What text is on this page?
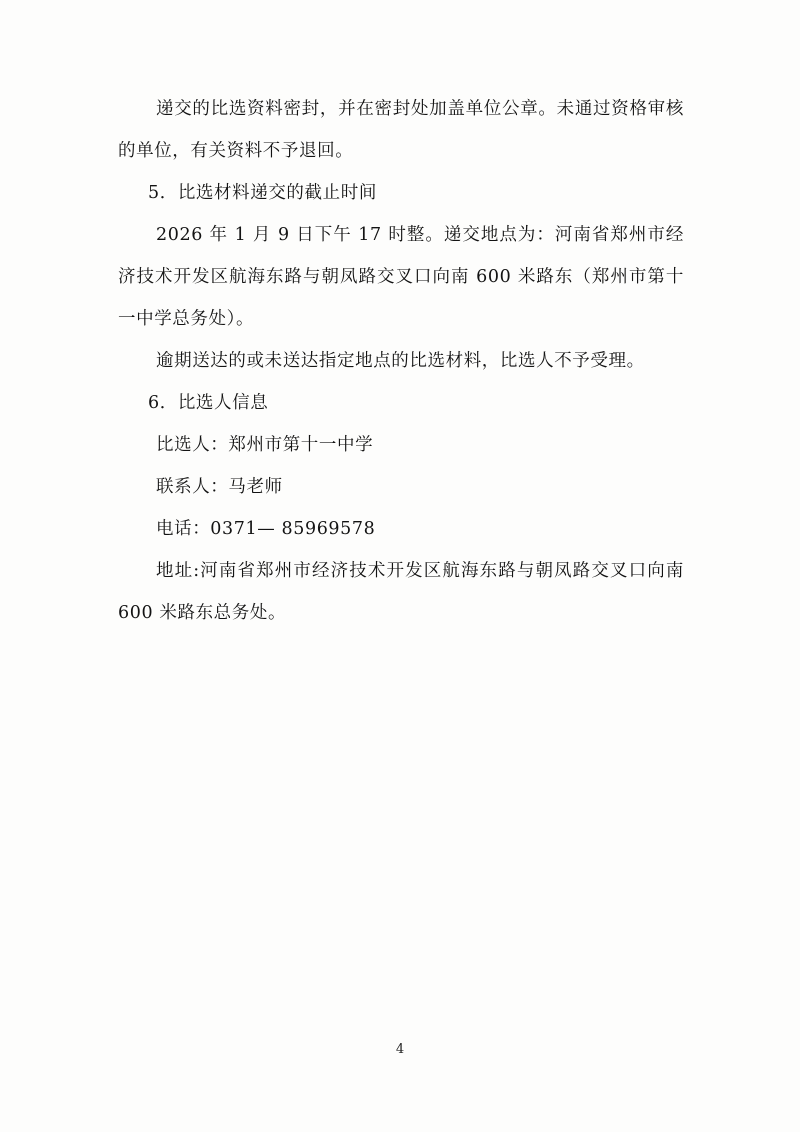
递交的比选资料密封，并在密封处加盖单位公章。未通过资格审核的单位，有关资料不予退回。

5．比选材料递交的截止时间

2026 年 1 月 9 日下午 17 时整。递交地点为：河南省郑州市经济技术开发区航海东路与朝凤路交叉口向南 600 米路东（郑州市第十一中学总务处）。

逾期送达的或未送达指定地点的比选材料，比选人不予受理。

6．比选人信息

比选人：郑州市第十一中学

联系人：马老师

电话：0371— 85969578

地址:河南省郑州市经济技术开发区航海东路与朝凤路交叉口向南 600 米路东总务处。

4
